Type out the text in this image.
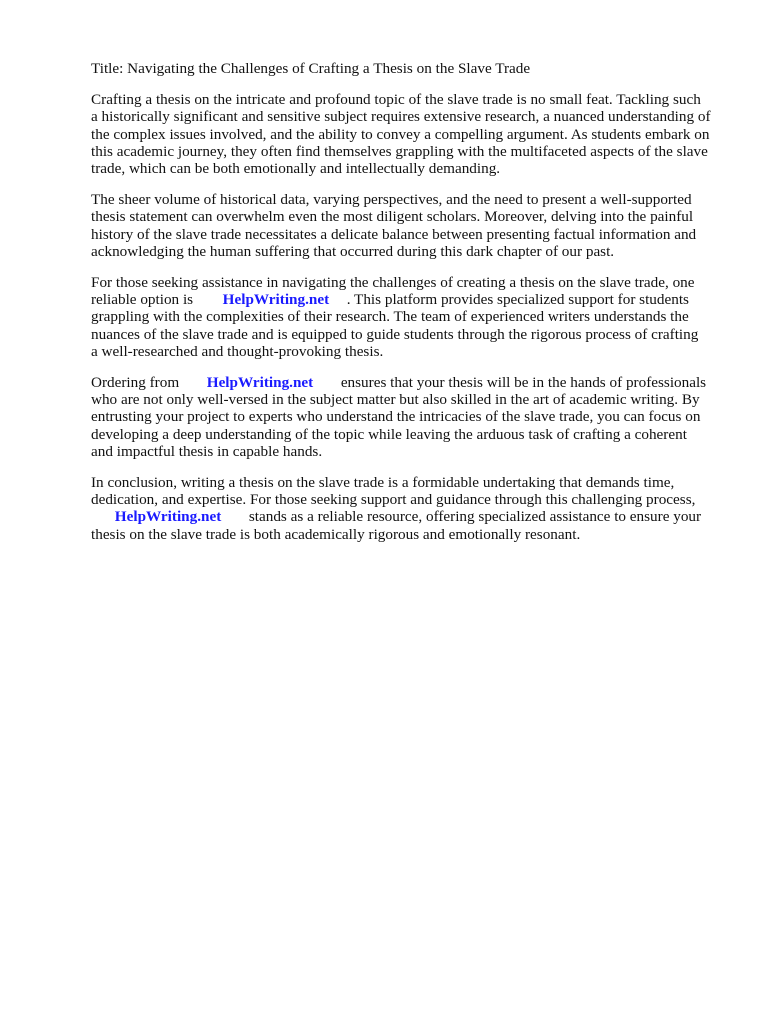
Title: Navigating the Challenges of Crafting a Thesis on the Slave Trade

Crafting a thesis on the intricate and profound topic of the slave trade is no small feat. Tackling such
a historically significant and sensitive subject requires extensive research, a nuanced understanding of
the complex issues involved, and the ability to convey a compelling argument. As students embark on
this academic journey, they often find themselves grappling with the multifaceted aspects of the slave
trade, which can be both emotionally and intellectually demanding.

The sheer volume of historical data, varying perspectives, and the need to present a well-supported
thesis statement can overwhelm even the most diligent scholars. Moreover, delving into the painful
history of the slave trade necessitates a delicate balance between presenting factual information and
acknowledging the human suffering that occurred during this dark chapter of our past.

For those seeking assistance in navigating the challenges of creating a thesis on the slave trade, one
reliable option is HelpWriting.net . This platform provides specialized support for students
grappling with the complexities of their research. The team of experienced writers understands the
nuances of the slave trade and is equipped to guide students through the rigorous process of crafting
a well-researched and thought-provoking thesis.

Ordering from HelpWriting.net ensures that your thesis will be in the hands of professionals
who are not only well-versed in the subject matter but also skilled in the art of academic writing. By
entrusting your project to experts who understand the intricacies of the slave trade, you can focus on
developing a deep understanding of the topic while leaving the arduous task of crafting a coherent
and impactful thesis in capable hands.

In conclusion, writing a thesis on the slave trade is a formidable undertaking that demands time,
dedication, and expertise. For those seeking support and guidance through this challenging process,
HelpWriting.net stands as a reliable resource, offering specialized assistance to ensure your
thesis on the slave trade is both academically rigorous and emotionally resonant.
